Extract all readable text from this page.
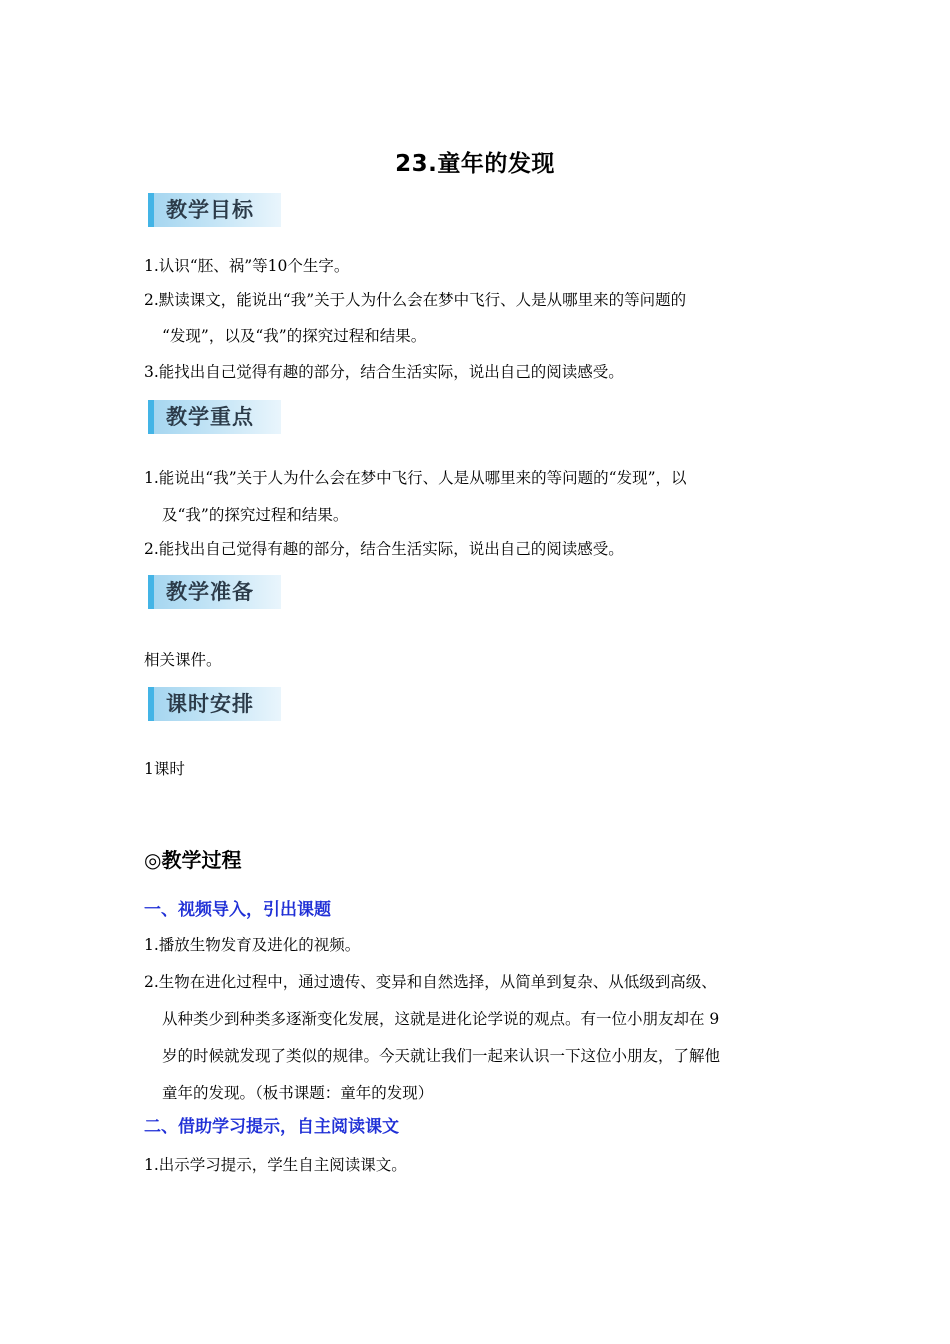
23.童年的发现
教学目标
1.认识“胚、祸”等10个生字。
2.默读课文，能说出“我”关于人为什么会在梦中飞行、人是从哪里来的等问题的
“发现”，以及“我”的探究过程和结果。
3.能找出自己觉得有趣的部分，结合生活实际，说出自己的阅读感受。
教学重点
1.能说出“我”关于人为什么会在梦中飞行、人是从哪里来的等问题的“发现”，以
及“我”的探究过程和结果。
2.能找出自己觉得有趣的部分，结合生活实际，说出自己的阅读感受。
教学准备
相关课件。
课时安排
1课时
◎教学过程
一、视频导入，引出课题
1.播放生物发育及进化的视频。
2.生物在进化过程中，通过遗传、变异和自然选择，从简单到复杂、从低级到高级、
从种类少到种类多逐渐变化发展，这就是进化论学说的观点。有一位小朋友却在 9
岁的时候就发现了类似的规律。今天就让我们一起来认识一下这位小朋友，了解他
童年的发现。（板书课题：童年的发现）
二、借助学习提示，自主阅读课文
1.出示学习提示，学生自主阅读课文。
